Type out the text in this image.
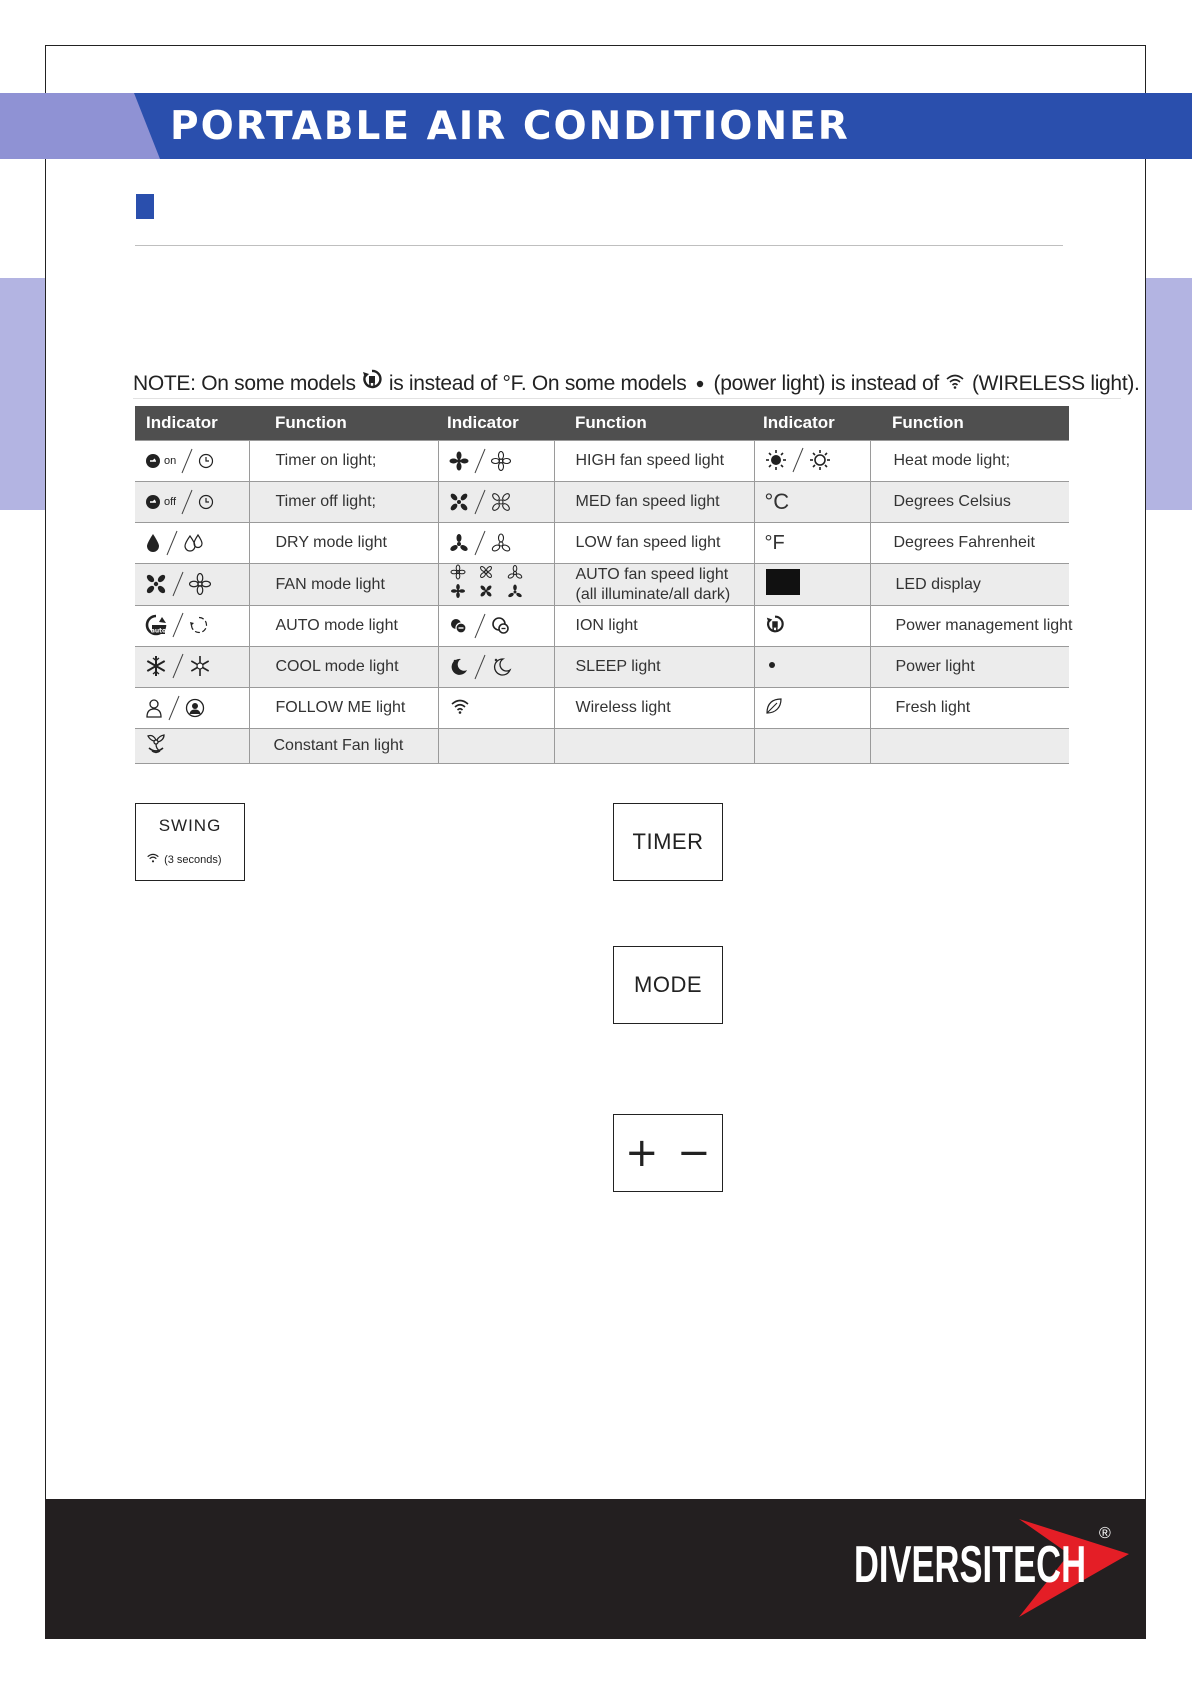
PORTABLE AIR CONDITIONER
NOTE: On some models is instead of °F. On some models (power light) is instead of (WIRELESS light).
Indicator	Function	Indicator	Function	Indicator	Function

on	Timer on light;		HIGH fan speed light		Heat mode light;

off	Timer off light;		MED fan speed light	°C	Degrees Celsius

	DRY mode light		LOW fan speed light	°F	Degrees Fahrenheit

	FAN mode light		AUTO fan speed light
(all illuminate/all dark)		LED display

auto	AUTO mode light		ION light		Power management light

	COOL mode light		SLEEP light		Power light

	FOLLOW ME light		Wireless light		Fresh light

	Constant Fan light				
SWING
(3 seconds)
TIMER
MODE
+ −
DIVERSITECH
®
